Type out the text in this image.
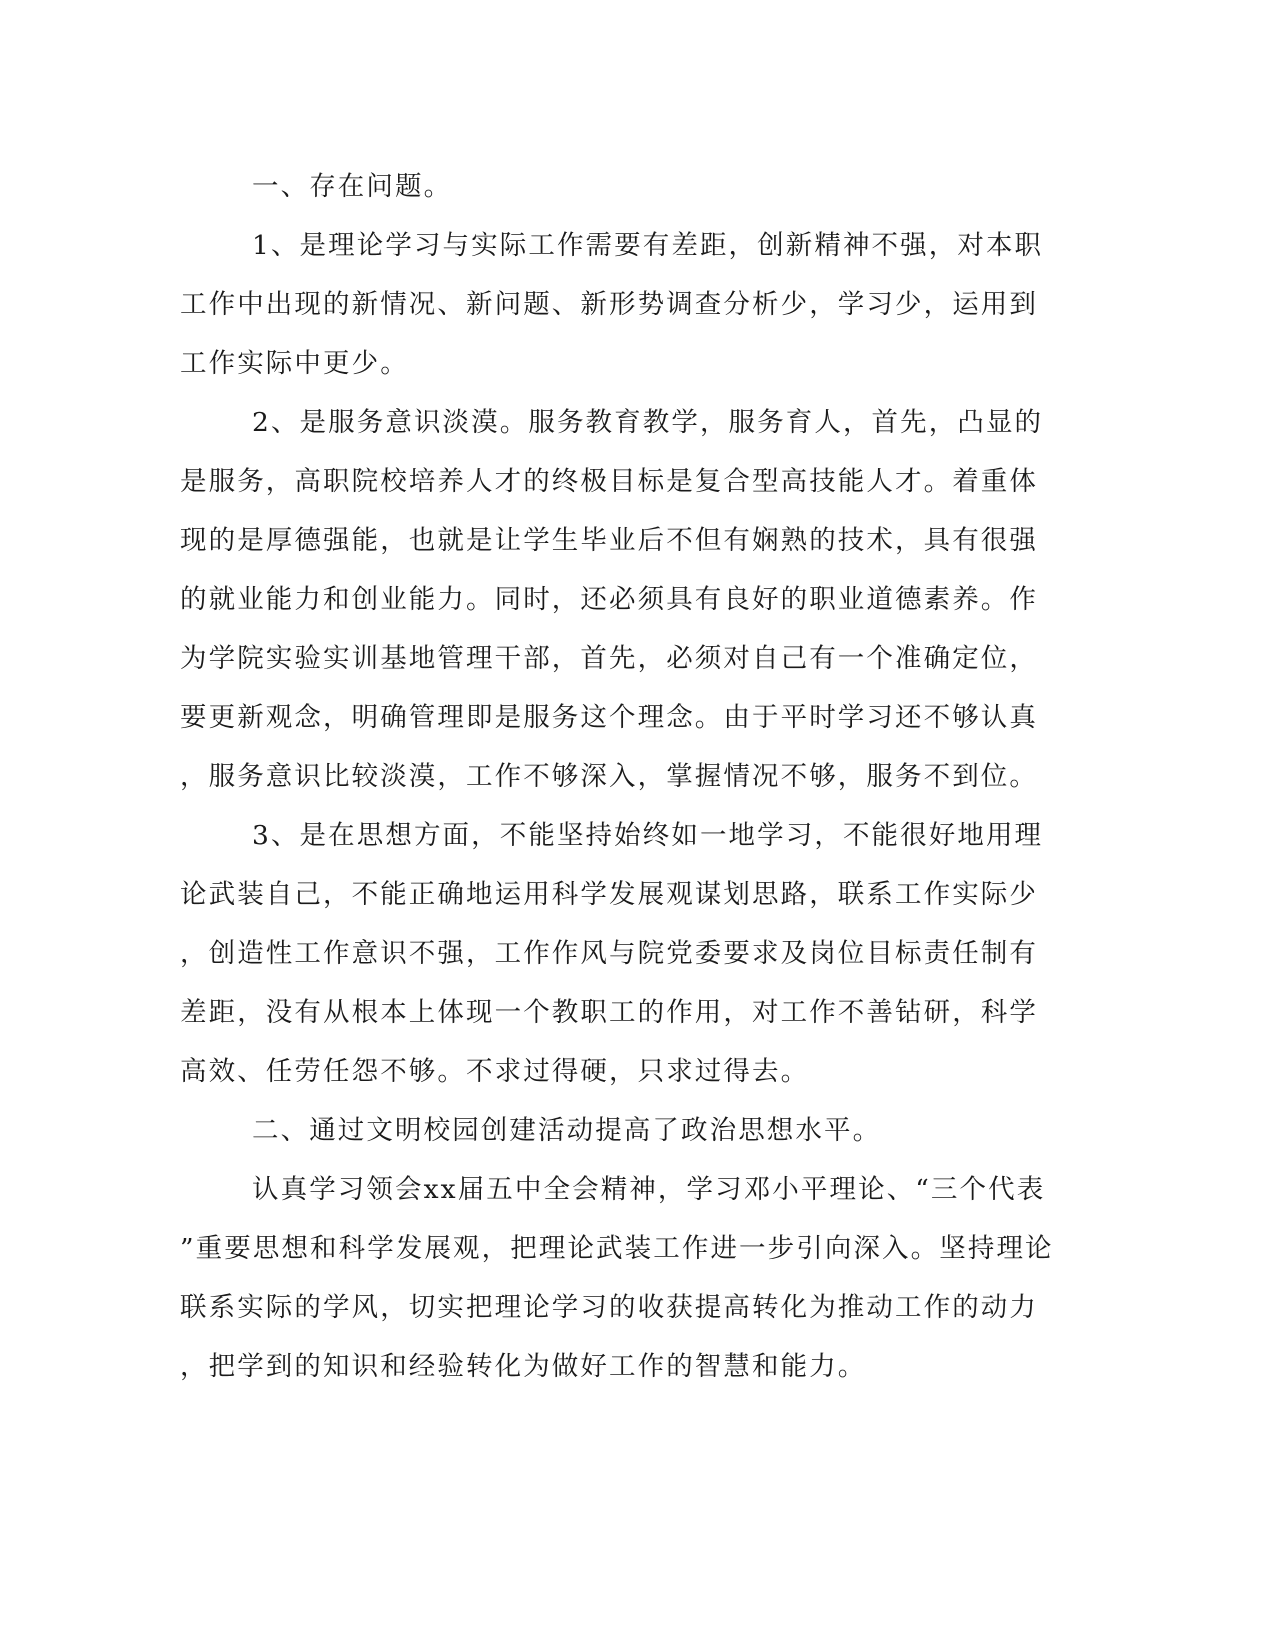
一、存在问题。
1、是理论学习与实际工作需要有差距，创新精神不强，对本职
工作中出现的新情况、新问题、新形势调查分析少，学习少，运用到
工作实际中更少。
2、是服务意识淡漠。服务教育教学，服务育人，首先，凸显的
是服务，高职院校培养人才的终极目标是复合型高技能人才。着重体
现的是厚德强能，也就是让学生毕业后不但有娴熟的技术，具有很强
的就业能力和创业能力。同时，还必须具有良好的职业道德素养。作
为学院实验实训基地管理干部，首先，必须对自己有一个准确定位，
要更新观念，明确管理即是服务这个理念。由于平时学习还不够认真
，服务意识比较淡漠，工作不够深入，掌握情况不够，服务不到位。
3、是在思想方面，不能坚持始终如一地学习，不能很好地用理
论武装自己，不能正确地运用科学发展观谋划思路，联系工作实际少
，创造性工作意识不强，工作作风与院党委要求及岗位目标责任制有
差距，没有从根本上体现一个教职工的作用，对工作不善钻研，科学
高效、任劳任怨不够。不求过得硬，只求过得去。
二、通过文明校园创建活动提高了政治思想水平。
认真学习领会xx届五中全会精神，学习邓小平理论、“三个代表
”重要思想和科学发展观，把理论武装工作进一步引向深入。坚持理论
联系实际的学风，切实把理论学习的收获提高转化为推动工作的动力
，把学到的知识和经验转化为做好工作的智慧和能力。
